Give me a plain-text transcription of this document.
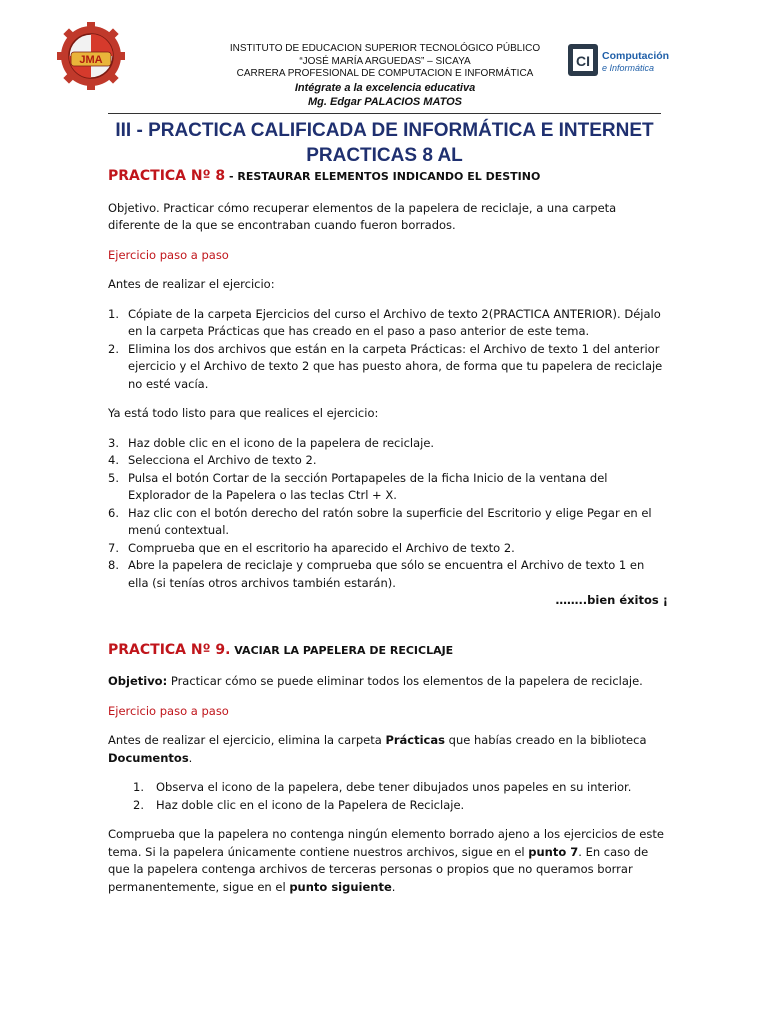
JMA
INSTITUTO DE EDUCACION SUPERIOR TECNOLÓGICO PÚBLICO
“JOSÉ MARÍA ARGUEDAS” – SICAYA
CARRERA PROFESIONAL DE COMPUTACION E INFORMÁTICA
Intégrate a la excelencia educativa
Mg. Edgar PALACIOS MATOS
CI Computación
e Informática
III - PRACTICA CALIFICADA DE INFORMÁTICA E INTERNET
PRACTICAS 8 AL
PRACTICA Nº 8 - RESTAURAR ELEMENTOS INDICANDO EL DESTINO
Objetivo. Practicar cómo recuperar elementos de la papelera de reciclaje, a una carpeta diferente de la que se encontraban cuando fueron borrados.
Ejercicio paso a paso
Antes de realizar el ejercicio:
1. Cópiate de la carpeta Ejercicios del curso el Archivo de texto 2(PRACTICA ANTERIOR). Déjalo en la carpeta Prácticas que has creado en el paso a paso anterior de este tema.
2. Elimina los dos archivos que están en la carpeta Prácticas: el Archivo de texto 1 del anterior ejercicio y el Archivo de texto 2 que has puesto ahora, de forma que tu papelera de reciclaje no esté vacía.
Ya está todo listo para que realices el ejercicio:
3. Haz doble clic en el icono de la papelera de reciclaje.
4. Selecciona el Archivo de texto 2.
5. Pulsa el botón Cortar de la sección Portapapeles de la ficha Inicio de la ventana del Explorador de la Papelera o las teclas Ctrl + X.
6. Haz clic con el botón derecho del ratón sobre la superficie del Escritorio y elige Pegar en el menú contextual.
7. Comprueba que en el escritorio ha aparecido el Archivo de texto 2.
8. Abre la papelera de reciclaje y comprueba que sólo se encuentra el Archivo de texto 1 en ella (si tenías otros archivos también estarán).
……..bien éxitos ¡
PRACTICA Nº 9. VACIAR LA PAPELERA DE RECICLAJE
Objetivo: Practicar cómo se puede eliminar todos los elementos de la papelera de reciclaje.
Ejercicio paso a paso
Antes de realizar el ejercicio, elimina la carpeta Prácticas que habías creado en la biblioteca Documentos.
1. Observa el icono de la papelera, debe tener dibujados unos papeles en su interior.
2. Haz doble clic en el icono de la Papelera de Reciclaje.
Comprueba que la papelera no contenga ningún elemento borrado ajeno a los ejercicios de este tema. Si la papelera únicamente contiene nuestros archivos, sigue en el punto 7. En caso de que la papelera contenga archivos de terceras personas o propios que no queramos borrar permanentemente, sigue en el punto siguiente.
